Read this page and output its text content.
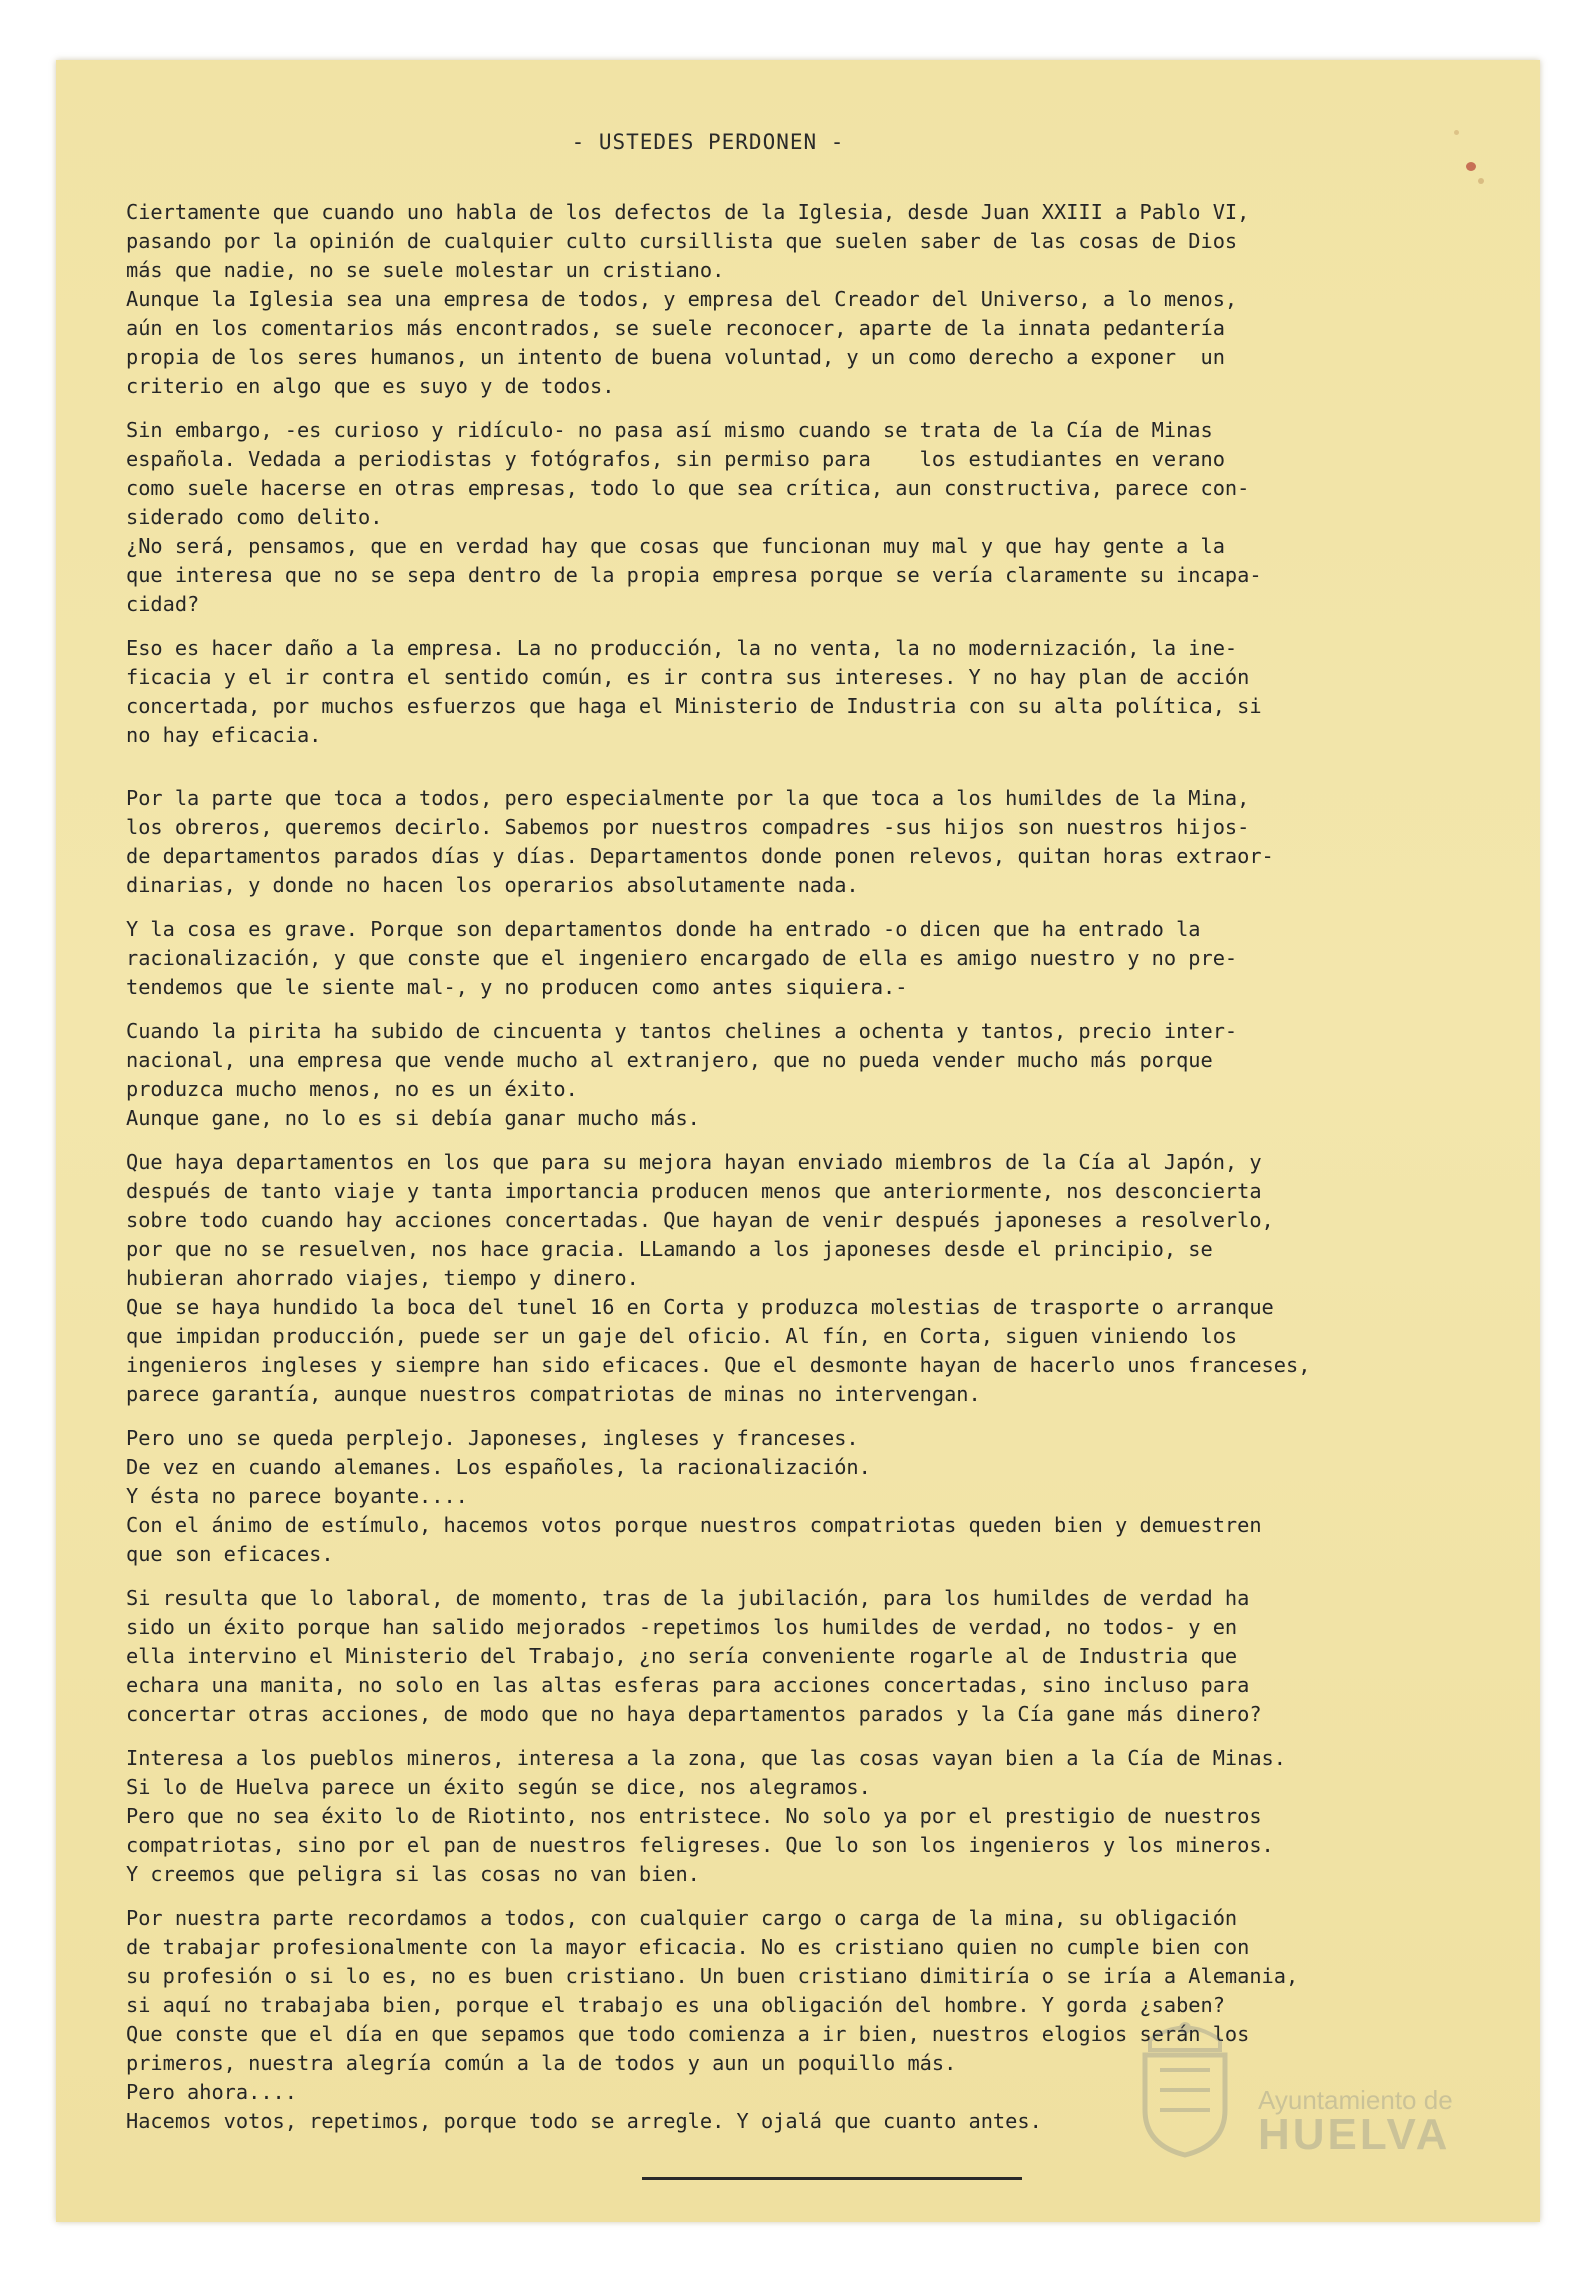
- USTEDES PERDONEN -

Ciertamente que cuando uno habla de los defectos de la Iglesia, desde Juan XXIII a Pablo VI,
pasando por la opinión de cualquier culto cursillista que suelen saber de las cosas de Dios
más que nadie, no se suele molestar un cristiano.
Aunque la Iglesia sea una empresa de todos, y empresa del Creador del Universo, a lo menos,
aún en los comentarios más encontrados, se suele reconocer, aparte de la innata pedantería
propia de los seres humanos, un intento de buena voluntad, y un como derecho a exponer  un
criterio en algo que es suyo y de todos.

Sin embargo, -es curioso y ridículo- no pasa así mismo cuando se trata de la Cía de Minas
española. Vedada a periodistas y fotógrafos, sin permiso para    los estudiantes en verano
como suele hacerse en otras empresas, todo lo que sea crítica, aun constructiva, parece con-
siderado como delito.
¿No será, pensamos, que en verdad hay que cosas que funcionan muy mal y que hay gente a la
que interesa que no se sepa dentro de la propia empresa porque se vería claramente su incapa-
cidad?

Eso es hacer daño a la empresa. La no producción, la no venta, la no modernización, la ine-
ficacia y el ir contra el sentido común, es ir contra sus intereses. Y no hay plan de acción
concertada, por muchos esfuerzos que haga el Ministerio de Industria con su alta política, si
no hay eficacia.

Por la parte que toca a todos, pero especialmente por la que toca a los humildes de la Mina,
los obreros, queremos decirlo. Sabemos por nuestros compadres -sus hijos son nuestros hijos-
de departamentos parados días y días. Departamentos donde ponen relevos, quitan horas extraor-
dinarias, y donde no hacen los operarios absolutamente nada.

Y la cosa es grave. Porque son departamentos donde ha entrado -o dicen que ha entrado la
racionalización, y que conste que el ingeniero encargado de ella es amigo nuestro y no pre-
tendemos que le siente mal-, y no producen como antes siquiera.-

Cuando la pirita ha subido de cincuenta y tantos chelines a ochenta y tantos, precio inter-
nacional, una empresa que vende mucho al extranjero, que no pueda vender mucho más porque
produzca mucho menos, no es un éxito.
Aunque gane, no lo es si debía ganar mucho más.

Que haya departamentos en los que para su mejora hayan enviado miembros de la Cía al Japón, y
después de tanto viaje y tanta importancia producen menos que anteriormente, nos desconcierta
sobre todo cuando hay acciones concertadas. Que hayan de venir después japoneses a resolverlo,
por que no se resuelven, nos hace gracia. LLamando a los japoneses desde el principio, se
hubieran ahorrado viajes, tiempo y dinero.
Que se haya hundido la boca del tunel 16 en Corta y produzca molestias de trasporte o arranque
que impidan producción, puede ser un gaje del oficio. Al fín, en Corta, siguen viniendo los
ingenieros ingleses y siempre han sido eficaces. Que el desmonte hayan de hacerlo unos franceses,
parece garantía, aunque nuestros compatriotas de minas no intervengan.

Pero uno se queda perplejo. Japoneses, ingleses y franceses.
De vez en cuando alemanes. Los españoles, la racionalización.
Y ésta no parece boyante....
Con el ánimo de estímulo, hacemos votos porque nuestros compatriotas queden bien y demuestren
que son eficaces.

Si resulta que lo laboral, de momento, tras de la jubilación, para los humildes de verdad ha
sido un éxito porque han salido mejorados -repetimos los humildes de verdad, no todos- y en
ella intervino el Ministerio del Trabajo, ¿no sería conveniente rogarle al de Industria que
echara una manita, no solo en las altas esferas para acciones concertadas, sino incluso para
concertar otras acciones, de modo que no haya departamentos parados y la Cía gane más dinero?

Interesa a los pueblos mineros, interesa a la zona, que las cosas vayan bien a la Cía de Minas.
Si lo de Huelva parece un éxito según se dice, nos alegramos.
Pero que no sea éxito lo de Riotinto, nos entristece. No solo ya por el prestigio de nuestros
compatriotas, sino por el pan de nuestros feligreses. Que lo son los ingenieros y los mineros.
Y creemos que peligra si las cosas no van bien.

Por nuestra parte recordamos a todos, con cualquier cargo o carga de la mina, su obligación
de trabajar profesionalmente con la mayor eficacia. No es cristiano quien no cumple bien con
su profesión o si lo es, no es buen cristiano. Un buen cristiano dimitiría o se iría a Alemania,
si aquí no trabajaba bien, porque el trabajo es una obligación del hombre. Y gorda ¿saben?
Que conste que el día en que sepamos que todo comienza a ir bien, nuestros elogios serán los
primeros, nuestra alegría común a la de todos y aun un poquillo más.
Pero ahora....
Hacemos votos, repetimos, porque todo se arregle. Y ojalá que cuanto antes.

Ayuntamiento de
HUELVA
